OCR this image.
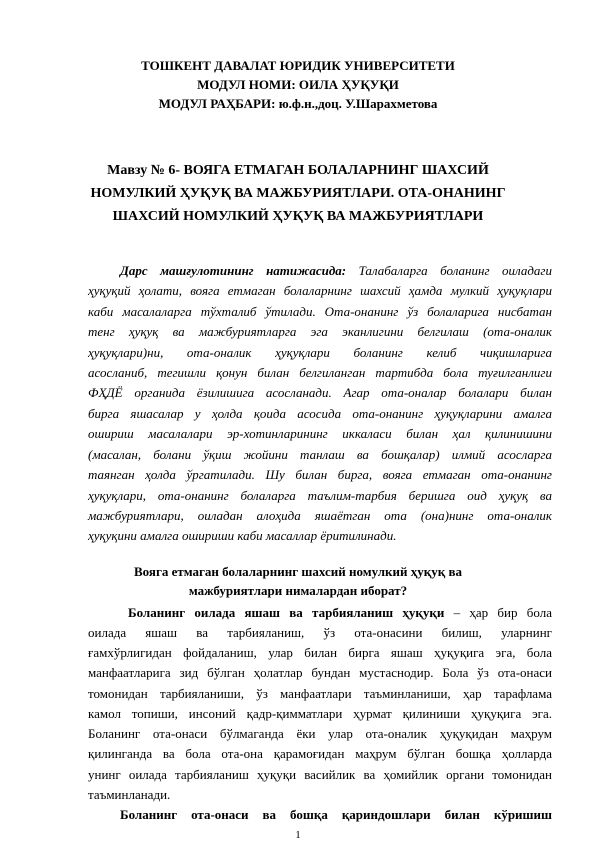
ТОШКЕНТ ДАВАЛАТ ЮРИДИК УНИВЕРСИТЕТИ
МОДУЛ НОМИ: ОИЛА ҲУҚУҚИ
МОДУЛ РАҲБАРИ: ю.ф.н.,доц. У.Шарахметова
Мавзу № 6- ВОЯГА ЕТМАГАН БОЛАЛАРНИНГ ШАХСИЙ
НОМУЛКИЙ ҲУҚУҚ ВА МАЖБУРИЯТЛАРИ. ОТА-ОНАНИНГ
ШАХСИЙ НОМУЛКИЙ ҲУҚУҚ ВА МАЖБУРИЯТЛАРИ
Дарс машғулотининг натижасида: Талабаларга боланинг оиладаги
ҳуқуқий ҳолати, вояга етмаган болаларнинг шахсий ҳамда мулкий ҳуқуқлари
каби масалаларга тўхталиб ўтилади. Ота-онанинг ўз болаларига нисбатан
тенг ҳуқуқ ва мажбуриятларга эга эканлигини белгилаш (ота-оналик
ҳуқуқлари)ни, ота-оналик ҳуқуқлари боланинг келиб чиқишларига
асосланиб, тегишли қонун билан белгиланган тартибда бола туғилганлиги
ФҲДЁ органида ёзилишига асосланади. Агар ота-оналар болалари билан
бирга яшасалар у ҳолда қоида асосида ота-онанинг ҳуқуқларини амалга
ошириш масалалари эр-хотинларининг иккаласи билан ҳал қилинишини
(масалан, болани ўқиш жойини танлаш ва бошқалар) илмий асосларга
таянган ҳолда ўргатилади. Шу билан бирга, вояга етмаган ота-онанинг
ҳуқуқлари, ота-онанинг болаларга таълим-тарбия беришга оид ҳуқуқ ва
мажбуриятлари, оиладан алоҳида яшаётган ота (она)нинг ота-оналик
ҳуқуқини амалга ошириши каби масаллар ёритилинади.
Вояга етмаган болаларнинг шахсий номулкий ҳуқуқ ва
мажбуриятлари нималардан иборат?
Боланинг оилада яшаш ва тарбияланиш ҳуқуқи – ҳар бир бола
оилада яшаш ва тарбияланиш, ўз ота-онасини билиш, уларнинг
ғамхўрлигидан фойдаланиш, улар билан бирга яшаш ҳуқуқига эга, бола
манфаатларига зид бўлган ҳолатлар бундан мустаснодир. Бола ўз ота-онаси
томонидан тарбияланиши, ўз манфаатлари таъминланиши, ҳар тарафлама
камол топиши, инсоний қадр-қимматлари ҳурмат қилиниши ҳуқуқига эга.
Боланинг ота-онаси бўлмаганда ёки улар ота-оналик ҳуқуқидан маҳрум
қилинганда ва бола ота-она қарамоғидан маҳрум бўлган бошқа ҳолларда
унинг оилада тарбияланиш ҳуқуқи васийлик ва ҳомийлик органи томонидан
таъминланади.
Боланинг ота-онаси ва бошқа қариндошлари билан кўришиш
1
